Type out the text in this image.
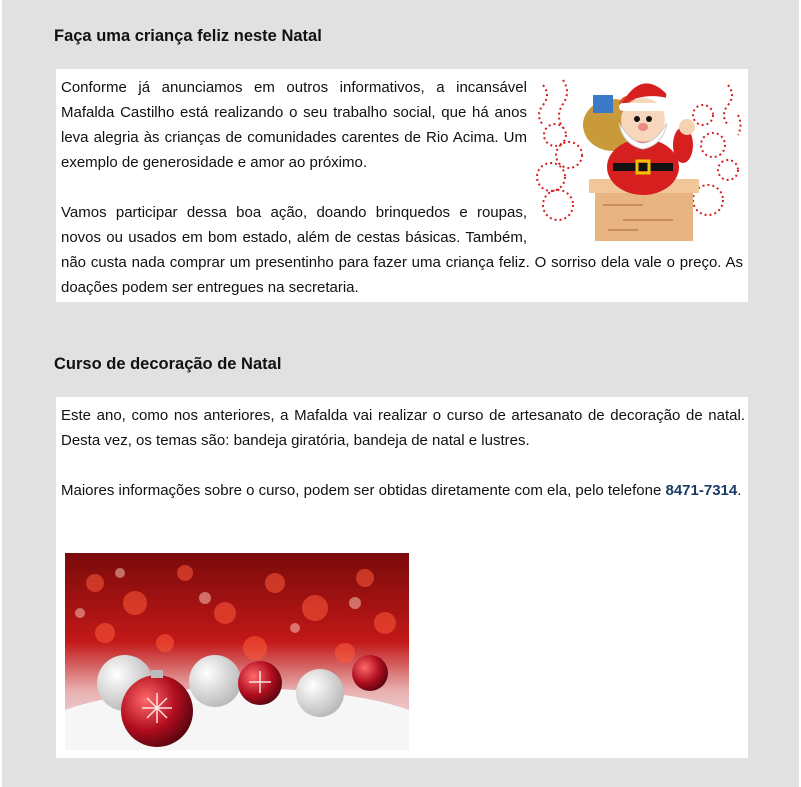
Faça uma criança feliz neste Natal

Conforme já anunciamos em outros informativos, a incansável Mafalda Castilho está realizando o seu trabalho social, que há anos leva alegria às crianças de comunidades carentes de Rio Acima. Um exemplo de generosidade e amor ao próximo.

Vamos participar dessa boa ação, doando brinquedos e roupas, novos ou usados em bom estado, além de cestas básicas. Também, não custa nada comprar um presentinho para fazer uma criança feliz. O sorriso dela vale o preço. As doações podem ser entregues na secretaria.

Curso de decoração de Natal

Este ano, como nos anteriores, a Mafalda vai realizar o curso de artesanato de decoração de natal. Desta vez, os temas são: bandeja giratória, bandeja de natal e lustres.

Maiores informações sobre o curso, podem ser obtidas diretamente com ela, pelo telefone 8471-7314.
